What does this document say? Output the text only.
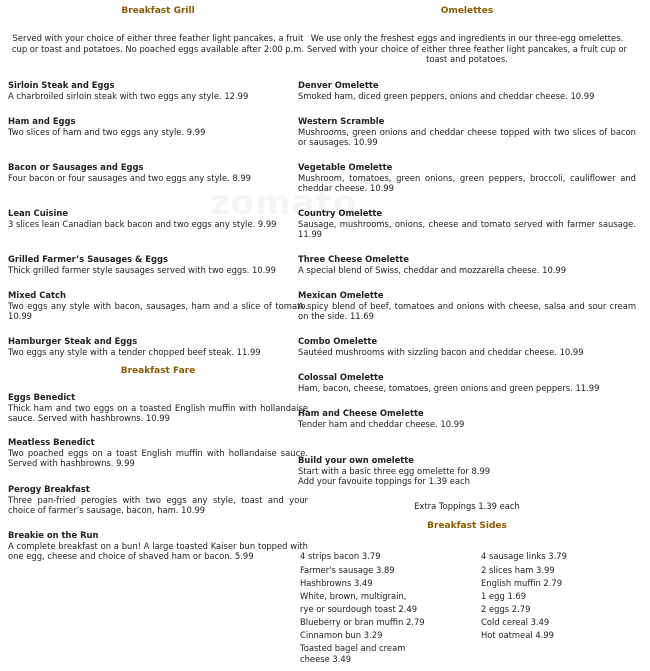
Breakfast Grill
Served with your choice of either three feather light pancakes, a fruit cup or toast and potatoes. No poached eggs available after 2:00 p.m.
Sirloin Steak and Eggs
A charbroiled sirloin steak with two eggs any style. 12.99
Ham and Eggs
Two slices of ham and two eggs any style. 9.99
Bacon or Sausages and Eggs
Four bacon or four sausages and two eggs any style. 8.99
Lean Cuisine
3 slices lean Canadian back bacon and two eggs any style. 9.99
Grilled Farmer’s Sausages & Eggs
Thick grilled farmer style sausages served with two eggs. 10.99
Mixed Catch
Two eggs any style with bacon, sausages, ham and a slice of tomato. 10.99
Hamburger Steak and Eggs
Two eggs any style with a tender chopped beef steak. 11.99
Breakfast Fare
Eggs Benedict
Thick ham and two eggs on a toasted English muffin with hollandaise sauce. Served with hashbrowns. 10.99
Meatless Benedict
Two poached eggs on a toast English muffin with hollandaise sauce. Served with hashbrowns. 9.99
Perogy Breakfast
Three pan-fried perogies with two eggs any style, toast and your choice of farmer’s sausage, bacon, ham. 10.99
Breakie on the Run
A complete breakfast on a bun! A large toasted Kaiser bun topped with one egg, cheese and choice of shaved ham or bacon. 5.99
Omelettes
We use only the freshest eggs and ingredients in our three-egg omelettes. Served with your choice of either three feather light pancakes, a fruit cup or toast and potatoes.
Denver Omelette
Smoked ham, diced green peppers, onions and cheddar cheese. 10.99
Western Scramble
Mushrooms, green onions and cheddar cheese topped with two slices of bacon or sausages. 10.99
Vegetable Omelette
Mushroom, tomatoes, green onions, green peppers, broccoli, cauliflower and cheddar cheese. 10.99
Country Omelette
Sausage, mushrooms, onions, cheese and tomato served with farmer sausage. 11.99
Three Cheese Omelette
A special blend of Swiss, cheddar and mozzarella cheese. 10.99
Mexican Omelette
A spicy blend of beef, tomatoes and onions with cheese, salsa and sour cream on the side. 11.69
Combo Omelette
Sautéed mushrooms with sizzling bacon and cheddar cheese. 10.99
Colossal Omelette
Ham, bacon, cheese, tomatoes, green onions and green peppers. 11.99
Ham and Cheese Omelette
Tender ham and cheddar cheese. 10.99
Build your own omelette
Start with a basic three egg omelette for 8.99 Add your favouite toppings for 1.39 each
Extra Toppings 1.39 each
Breakfast Sides
4 strips bacon 3.79
Farmer's sausage 3.89
Hashbrowns 3.49
White, brown, multigrain,
rye or sourdough toast 2.49
Blueberry or bran muffin 2.79
Cinnamon bun 3.29
Toasted bagel and cream cheese 3.49
4 sausage links 3.79
2 slices ham 3.99
English muffin 2.79
1 egg 1.69
2 eggs 2.79
Cold cereal 3.49
Hot oatmeal 4.99
